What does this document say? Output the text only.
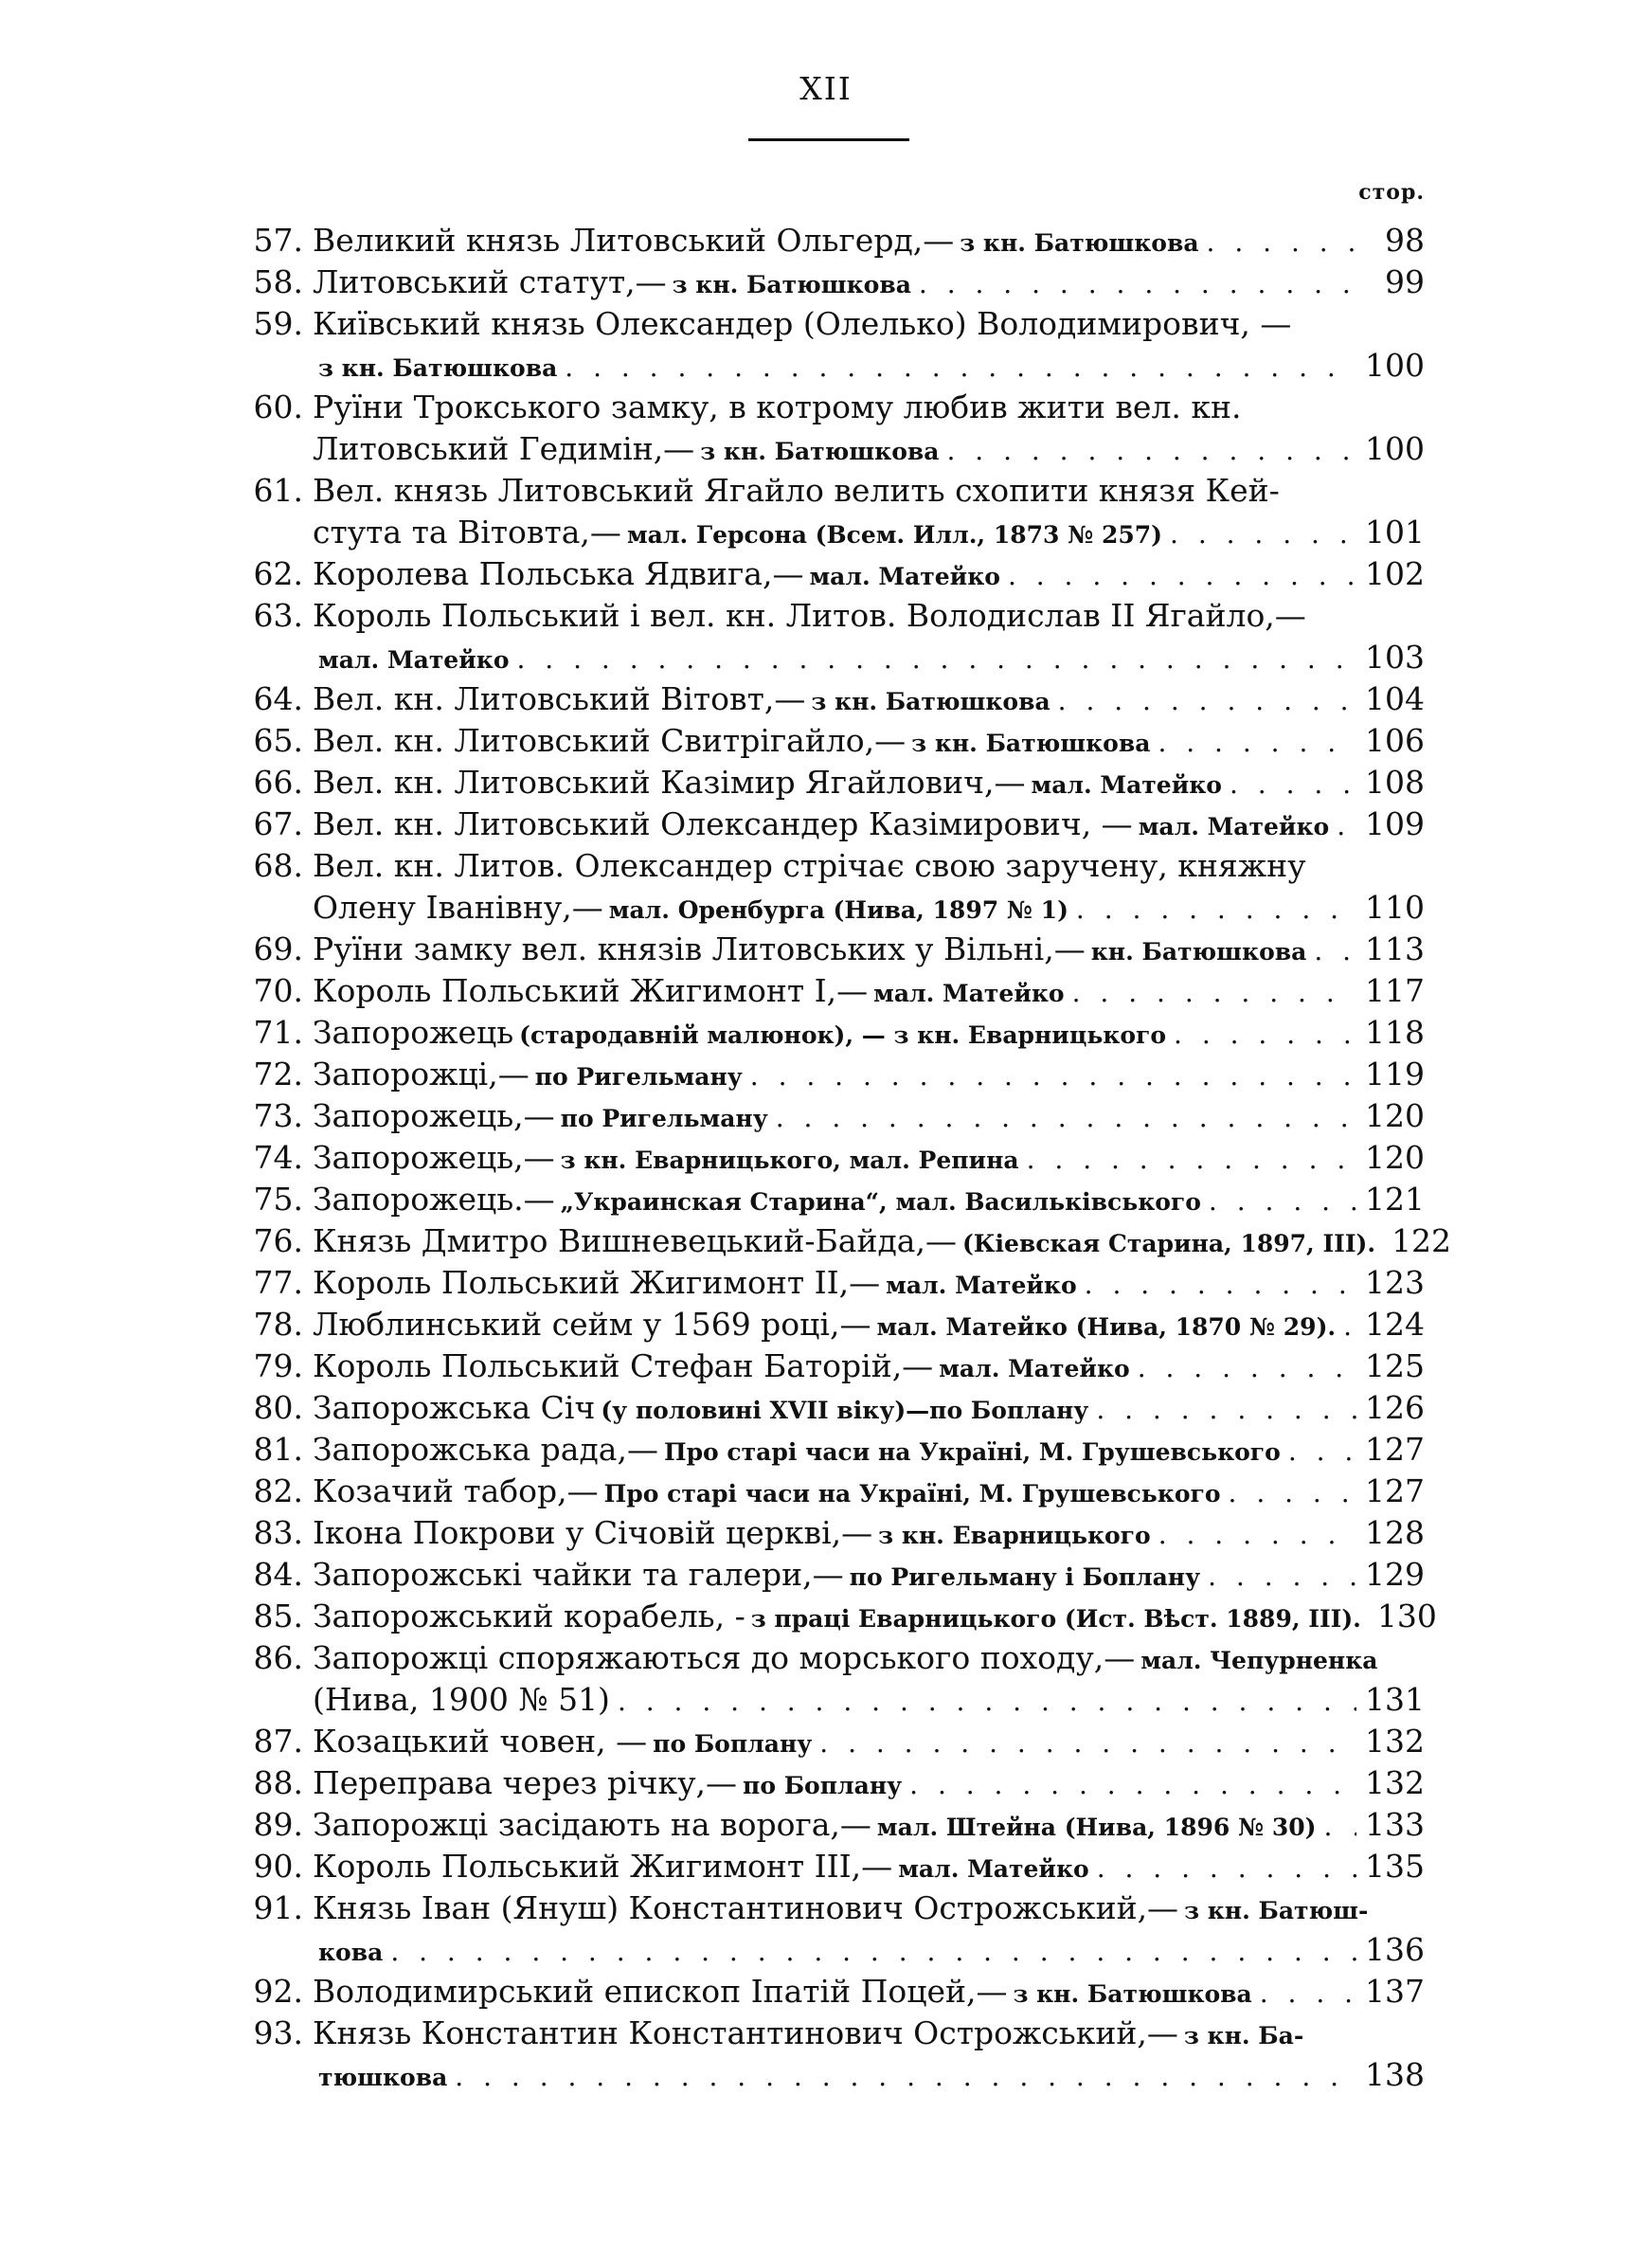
XII
стор.
57. Великий князь Литовський Ольгерд,— з кн. Батюшкова . . .	98
58. Литовський статут,— з кн. Батюшкова . . .	99
59. Київський князь Олександер (Олелько) Володимирович, —
з кн. Батюшкова . . .	100
60. Руїни Трокського замку, в котрому любив жити вел. кн.
Литовський Гедимін,— з кн. Батюшкова . . .	100
61. Вел. князь Литовський Ягайло велить схопити князя Кей-
стута та Вітовта,— мал. Герсона (Всем. Илл., 1873 № 257) . . .	101
62. Королева Польська Ядвига,— мал. Матейко . . .	102
63. Король Польський і вел. кн. Литов. Володислав II Ягайло,—
мал. Матейко . . .	103
64. Вел. кн. Литовський Вітовт,— з кн. Батюшкова . . .	104
65. Вел. кн. Литовський Свитрігайло,— з кн. Батюшкова . . .	106
66. Вел. кн. Литовський Казімир Ягайлович,— мал. Матейко . . .	108
67. Вел. кн. Литовський Олександер Казімирович, — мал. Матейко . . . 109
68. Вел. кн. Литов. Олександер стрічає свою заручену, княжну
Олену Іванівну,— мал. Оренбурга (Нива, 1897 № 1) . . .	110
69. Руїни замку вел. князів Литовських у Вільні,— кн. Батюшкова . . . 113
70. Король Польський Жигимонт I,— мал. Матейко . . .	117
71. Запорожець (стародавній малюнок), — з кн. Еварницького . . .	118
72. Запорожці,— по Ригельману . . .	119
73. Запорожець,— по Ригельману . . .	120
74. Запорожець,— з кн. Еварницького, мал. Репина . . .	120
75. Запорожець.— „Украинская Старина“, мал. Васильківського . . .	121
76. Князь Дмитро Вишневецький-Байда,— (Кіевская Старина, 1897, III). 122
77. Король Польський Жигимонт II,— мал. Матейко . . .	123
78. Люблинський сейм у 1569 році,— мал. Матейко (Нива, 1870 № 29). . . . 124
79. Король Польський Стефан Баторій,— мал. Матейко . . .	125
80. Запорожська Січ (у половині XVII віку)—по Боплану . . .	126
81. Запорожська рада,— Про старі часи на Україні, М. Грушевського . . .	127
82. Козачий табор,— Про старі часи на Україні, М. Грушевського . . .	127
83. Ікона Покрови у Січовій церкві,— з кн. Еварницького . . .	128
84. Запорожські чайки та галери,— по Ригельману і Боплану . . .	129
85. Запорожський корабель, - з праці Еварницького (Ист. Вѣст. 1889, III). 130
86. Запорожці споряжаються до морського походу,— мал. Чепурненка
(Нива, 1900 № 51) . . .	131
87. Козацький човен, — по Боплану . . .	132
88. Переправа через річку,— по Боплану . . .	132
89. Запорожці засідають на ворога,— мал. Штейна (Нива, 1896 № 30) . . . 133
90. Король Польський Жигимонт III,— мал. Матейко . . .	135
91. Князь Іван (Януш) Константинович Острожський,— з кн. Батюш-
кова . . .	136
92. Володимирський епископ Іпатій Поцей,— з кн. Батюшкова . . .	137
93. Князь Константин Константинович Острожський,— з кн. Ба-
тюшкова . . .	138
